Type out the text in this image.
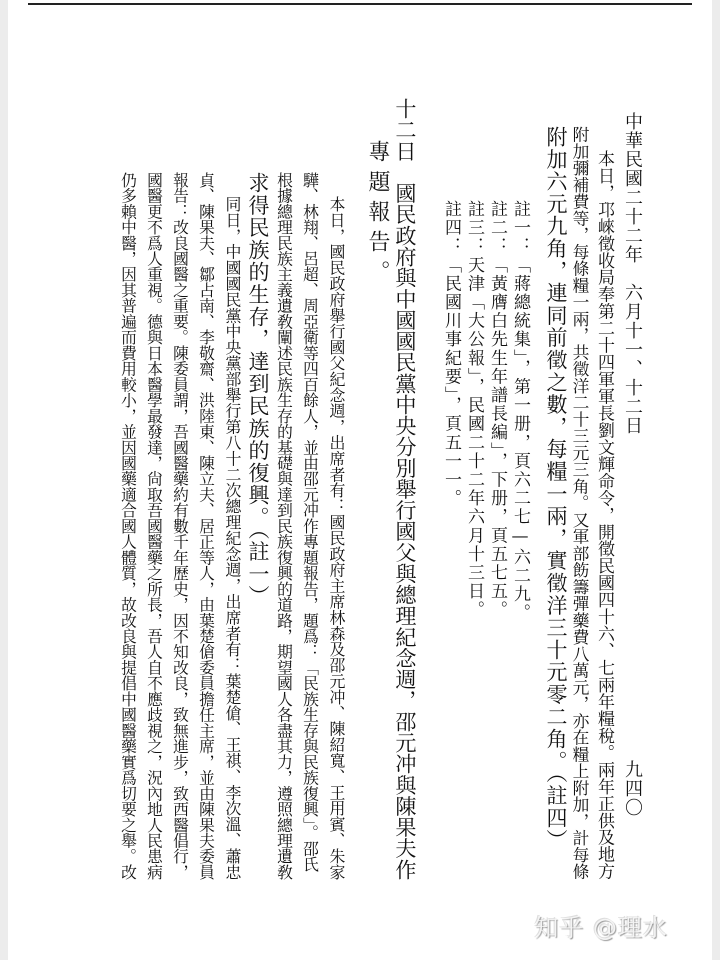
中華民國二十二年　六月十一、十二日
九四〇
本日，邛崍徵收局奉第二十四軍軍長劉文輝命令，開徵民國四十六、七兩年糧稅。兩年正供及地方
附加彌補費等，每條糧一兩，共徵洋二十三元三角。又軍部飭籌彈藥費八萬元，亦在糧上附加，計每條
附加六元九角，連同前徵之數，每糧一兩，實徵洋三十元零二角。（註四）
註一：「蔣總統集」，第一册，頁六二七—六二九。
註二：「黃膺白先生年譜長編」，下册，頁五七五。
註三：天津「大公報」，民國二十二年六月十三日。
註四：「民國川事紀要」，頁五一一。
十二日　國民政府與中國國民黨中央分別舉行國父與總理紀念週，邵元冲與陳果夫作
專題報告。
本日，國民政府舉行國父紀念週，出席者有：國民政府主席林森及邵元冲、陳紹寬、王用賓、朱家
驊、林翔、呂超、周亞衛等四百餘人，並由邵元冲作專題報告，題爲：「民族生存與民族復興」。邵氏
根據總理民族主義遺敎闡述民族生存的基礎與達到民族復興的道路，期望國人各盡其力，遵照總理遺敎
求得民族的生存，達到民族的復興。（註一）
同日，中國國民黨中央黨部舉行第八十二次總理紀念週，出席者有：葉楚傖、王祺、李次溫、蕭忠
貞、陳果夫、鄒占南、李敬齋、洪陸東、陳立夫、居正等人，由葉楚傖委員擔任主席，並由陳果夫委員
報告：改良國醫之重要。陳委員謂，吾國醫藥約有數千年歷史，因不知改良，致無進步，致西醫倡行，
國醫更不爲人重視。德與日本醫學最發達，尙取吾國醫藥之所長，吾人自不應歧視之，況內地人民患病
仍多賴中醫，因其普遍而費用較小，並因國藥適合國人體質，故改良與提倡中國醫藥實爲切要之舉。改
知乎 @理水
